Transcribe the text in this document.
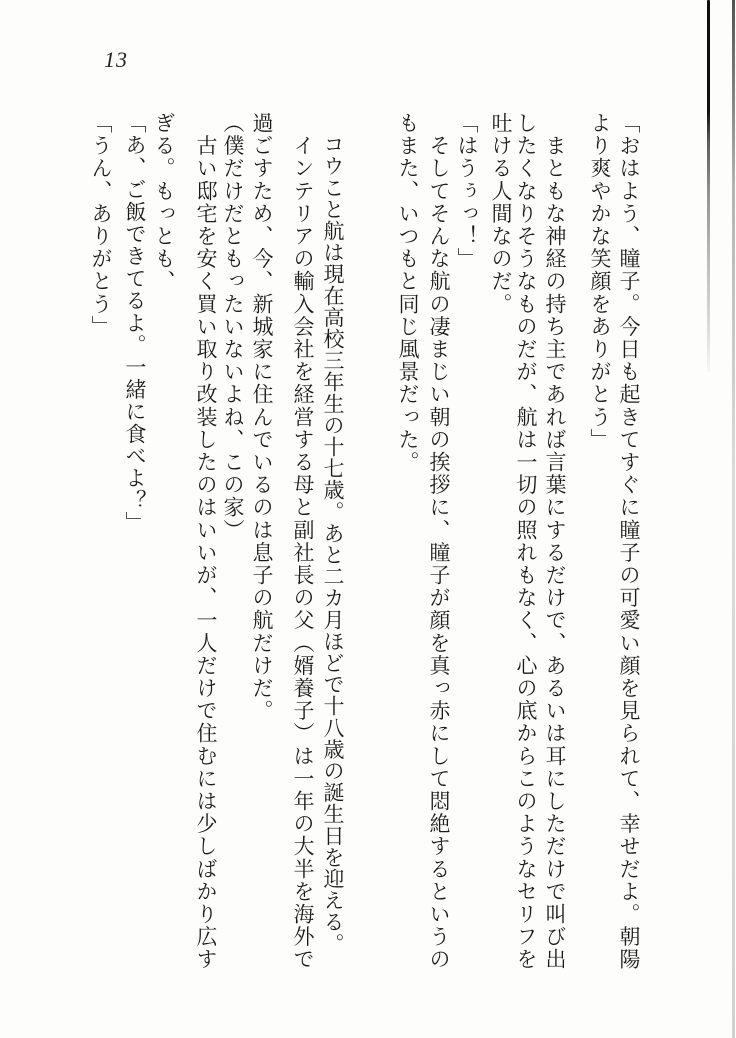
13
「おはよう、瞳子。今日も起きてすぐに瞳子の可愛い顔を見られて、幸せだよ。朝陽
より爽やかな笑顔をありがとう」
　まともな神経の持ち主であれば言葉にするだけで、あるいは耳にしただけで叫び出
したくなりそうなものだが、航は一切の照れもなく、心の底からこのようなセリフを
吐ける人間なのだ。
「はうぅっ！」
　そしてそんな航の凄まじい朝の挨拶に、瞳子が顔を真っ赤にして悶絶するというの
もまた、いつもと同じ風景だった。
　コウこと航は現在高校三年生の十七歳。あと二カ月ほどで十八歳の誕生日を迎える。
　インテリアの輸入会社を経営する母と副社長の父（婿養子）は一年の大半を海外で
過ごすため、今、新城家に住んでいるのは息子の航だけだ。
（僕だけだともったいないよね、この家）
　古い邸宅を安く買い取り改装したのはいいが、一人だけで住むには少しばかり広す
ぎる。もっとも、
「あ、ご飯できてるよ。一緒に食べよ？」
「うん、ありがとう」
